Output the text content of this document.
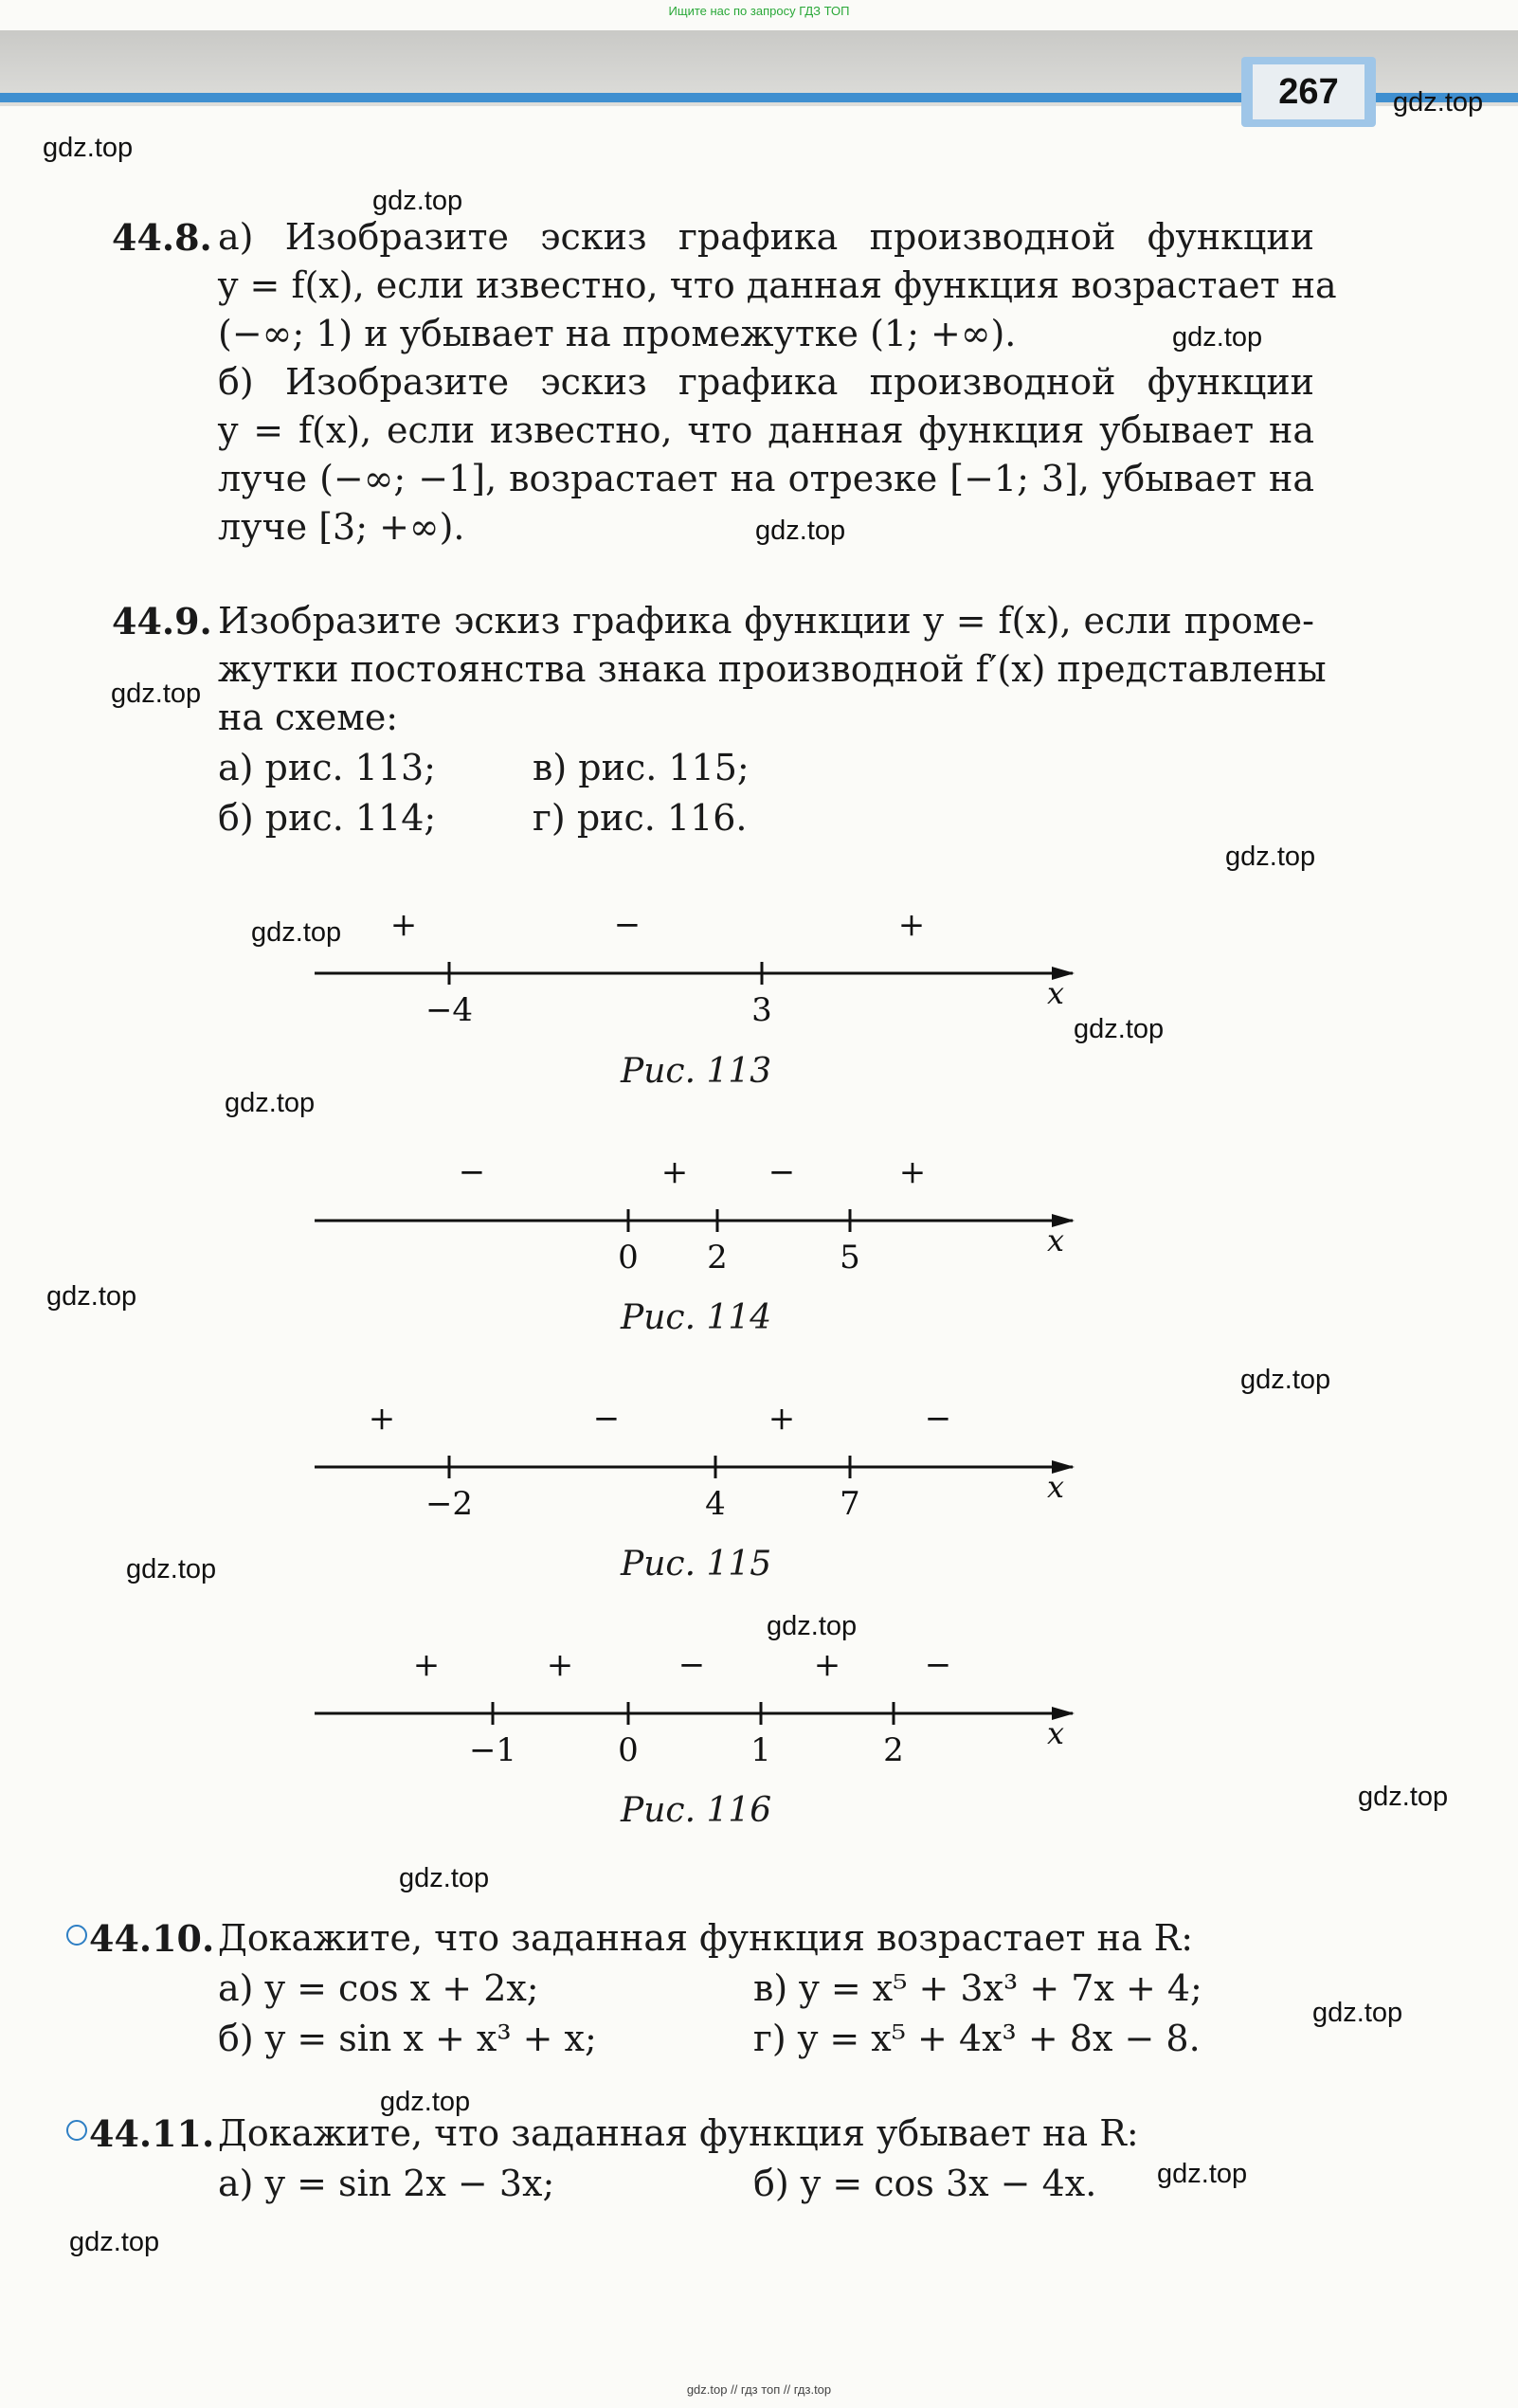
Ищите нас по запросу ГДЗ ТОП
267
44.8. а) Изобразите эскиз графика производной функции
y = f(x), если известно, что данная функция возрастает на
(−∞; 1) и убывает на промежутке (1; +∞).
б) Изобразите эскиз графика производной функции
y = f(x), если известно, что данная функция убывает на
луче (−∞; −1], возрастает на отрезке [−1; 3], убывает на
луче [3; +∞).
44.9. Изобразите эскиз графика функции y = f(x), если проме-
жутки постоянства знака производной f′(x) представлены
на схеме:
а) рис. 113;	в) рис. 115;
б) рис. 114;	г) рис. 116.
−4	3
+	−	+
x
0 2	5
−	+ −	+
x
−2	4	7
+	−	+	−
x
−1	0	1	2
+	+	−	+	−
x
Рис. 113
Рис. 114
Рис. 115
Рис. 116
44.10. Докажите, что заданная функция возрастает на R:
а) y = cos x + 2x;	в) y = x⁵ + 3x³ + 7x + 4;
б) y = sin x + x³ + x;	г) y = x⁵ + 4x³ + 8x − 8.
44.11. Докажите, что заданная функция убывает на R:
а) y = sin 2x − 3x;	б) y = cos 3x − 4x.
gdz.top
gdz.top
gdz.top
gdz.top
gdz.top
gdz.top
gdz.top
gdz.top
gdz.top
gdz.top
gdz.top
gdz.top
gdz.top
gdz.top
gdz.top
gdz.top
gdz.top
gdz.top
gdz.top
gdz.top
gdz.top // гдз топ // гдз.top
